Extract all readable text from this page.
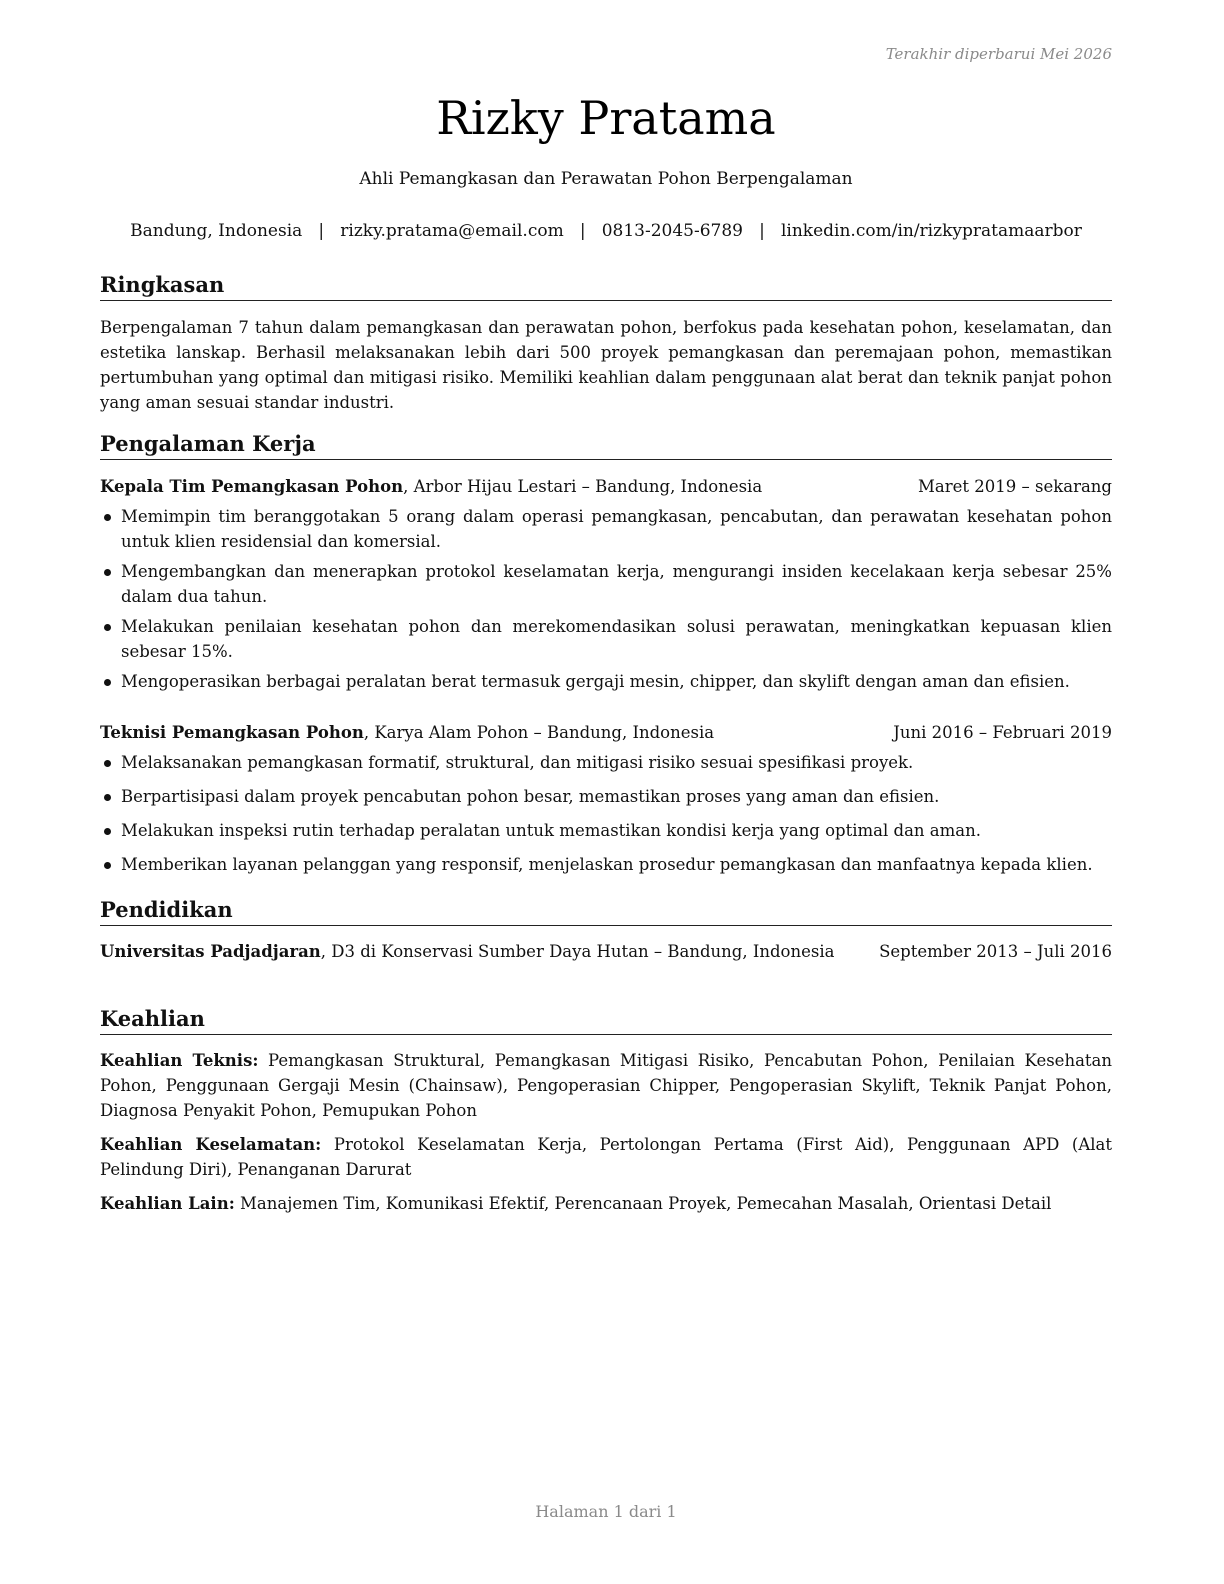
Terakhir diperbarui Mei 2026
Rizky Pratama
Ahli Pemangkasan dan Perawatan Pohon Berpengalaman
Bandung, Indonesia | rizky.pratama@email.com | 0813-2045-6789 | linkedin.com/in/rizkypratamaarbor
Ringkasan

Berpengalaman 7 tahun dalam pemangkasan dan perawatan pohon, berfokus pada kesehatan pohon, keselamatan, dan estetika lanskap. Berhasil melaksanakan lebih dari 500 proyek pemangkasan dan peremajaan pohon, memastikan pertumbuhan yang optimal dan mitigasi risiko. Memiliki keahlian dalam penggunaan alat berat dan teknik panjat pohon yang aman sesuai standar industri.

Pengalaman Kerja
Kepala Tim Pemangkasan Pohon, Arbor Hijau Lestari – Bandung, Indonesia	Maret 2019 – sekarang
Memimpin tim beranggotakan 5 orang dalam operasi pemangkasan, pencabutan, dan perawatan kesehatan pohon untuk klien residensial dan komersial.
Mengembangkan dan menerapkan protokol keselamatan kerja, mengurangi insiden kecelakaan kerja sebesar 25% dalam dua tahun.
Melakukan penilaian kesehatan pohon dan merekomendasikan solusi perawatan, meningkatkan kepuasan klien sebesar 15%.
Mengoperasikan berbagai peralatan berat termasuk gergaji mesin, chipper, dan skylift dengan aman dan efisien.
Teknisi Pemangkasan Pohon, Karya Alam Pohon – Bandung, Indonesia	Juni 2016 – Februari 2019
Melaksanakan pemangkasan formatif, struktural, dan mitigasi risiko sesuai spesifikasi proyek.
Berpartisipasi dalam proyek pencabutan pohon besar, memastikan proses yang aman dan efisien.
Melakukan inspeksi rutin terhadap peralatan untuk memastikan kondisi kerja yang optimal dan aman.
Memberikan layanan pelanggan yang responsif, menjelaskan prosedur pemangkasan dan manfaatnya kepada klien.
Pendidikan
Universitas Padjadjaran, D3 di Konservasi Sumber Daya Hutan – Bandung, Indonesia	September 2013 – Juli 2016
Keahlian

Keahlian Teknis: Pemangkasan Struktural, Pemangkasan Mitigasi Risiko, Pencabutan Pohon, Penilaian Kesehatan Pohon, Penggunaan Gergaji Mesin (Chainsaw), Pengoperasian Chipper, Pengoperasian Skylift, Teknik Panjat Pohon, Diagnosa Penyakit Pohon, Pemupukan Pohon

Keahlian Keselamatan: Protokol Keselamatan Kerja, Pertolongan Pertama (First Aid), Penggunaan APD (Alat Pelindung Diri), Penanganan Darurat

Keahlian Lain: Manajemen Tim, Komunikasi Efektif, Perencanaan Proyek, Pemecahan Masalah, Orientasi Detail

Halaman 1 dari 1
